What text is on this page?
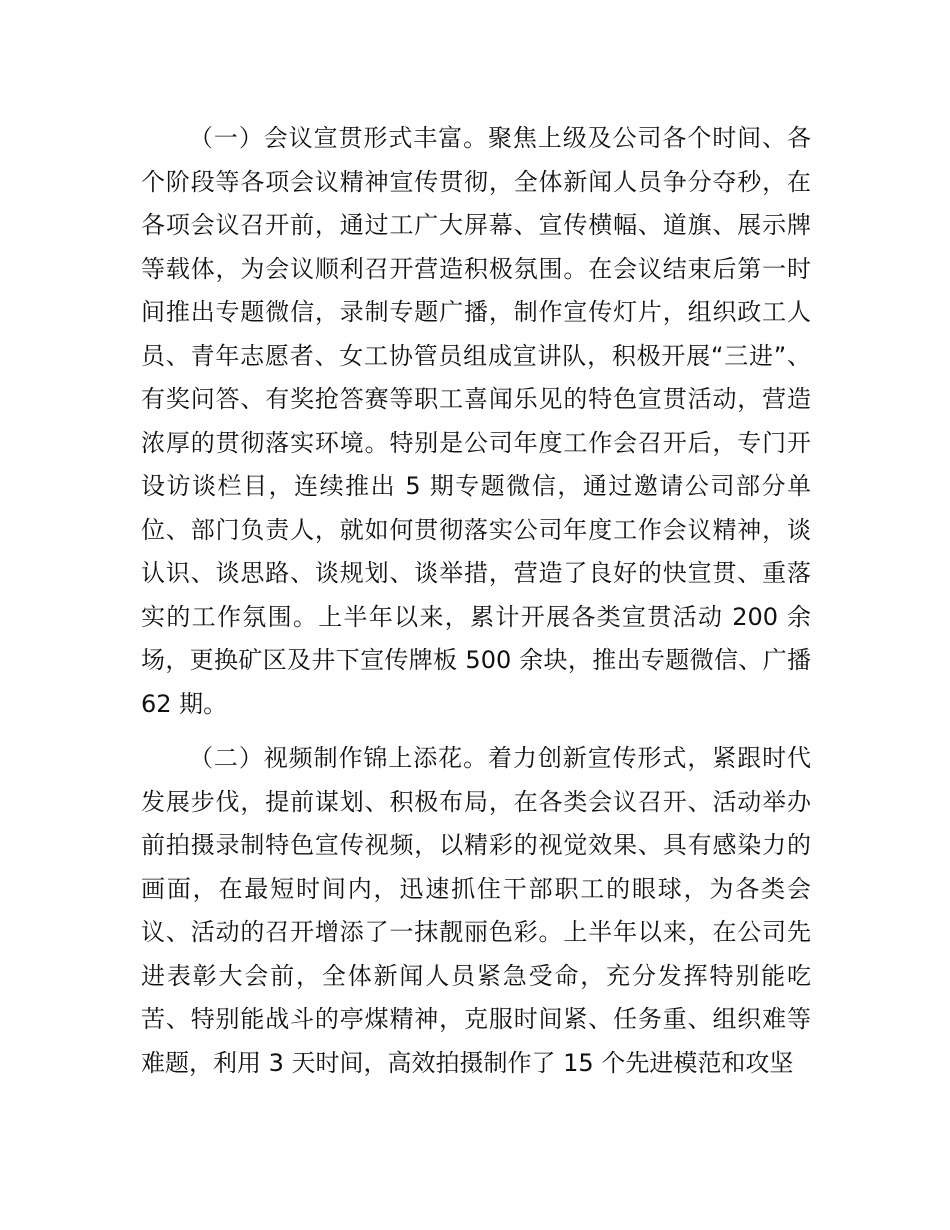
（一）会议宣贯形式丰富。聚焦上级及公司各个时间、各个阶段等各项会议精神宣传贯彻，全体新闻人员争分夺秒，在各项会议召开前，通过工广大屏幕、宣传横幅、道旗、展示牌等载体，为会议顺利召开营造积极氛围。在会议结束后第一时间推出专题微信，录制专题广播，制作宣传灯片，组织政工人员、青年志愿者、女工协管员组成宣讲队，积极开展“三进”、有奖问答、有奖抢答赛等职工喜闻乐见的特色宣贯活动，营造浓厚的贯彻落实环境。特别是公司年度工作会召开后，专门开设访谈栏目，连续推出 5 期专题微信，通过邀请公司部分单位、部门负责人，就如何贯彻落实公司年度工作会议精神，谈认识、谈思路、谈规划、谈举措，营造了良好的快宣贯、重落实的工作氛围。上半年以来，累计开展各类宣贯活动 200 余场，更换矿区及井下宣传牌板 500 余块，推出专题微信、广播 62 期。

（二）视频制作锦上添花。着力创新宣传形式，紧跟时代发展步伐，提前谋划、积极布局，在各类会议召开、活动举办前拍摄录制特色宣传视频，以精彩的视觉效果、具有感染力的画面，在最短时间内，迅速抓住干部职工的眼球，为各类会议、活动的召开增添了一抹靓丽色彩。上半年以来，在公司先进表彰大会前，全体新闻人员紧急受命，充分发挥特别能吃苦、特别能战斗的亭煤精神，克服时间紧、任务重、组织难等难题，利用 3 天时间，高效拍摄制作了 15 个先进模范和攻坚
